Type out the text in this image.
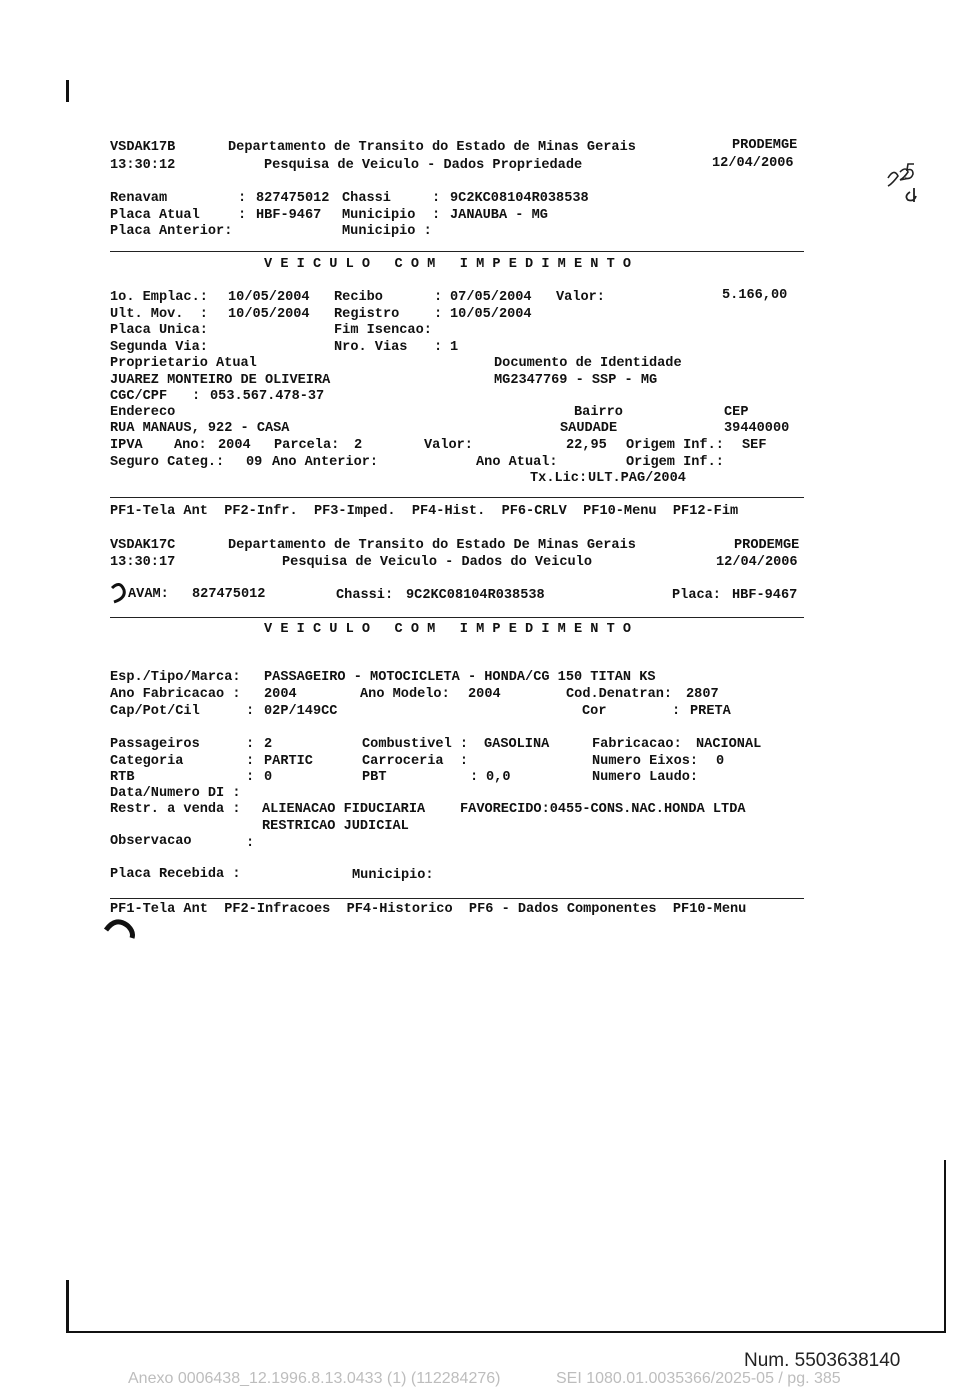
VSDAK17B
13:30:12
Departamento de Transito do Estado de Minas Gerais
Pesquisa de Veiculo - Dados Propriedade
PRODEMGE
12/04/2006
Renavam	: 827475012 Chassi	: 9C2KC08104R038538
Placa Atual	: HBF-9467 Municipio : JANAUBA - MG
Placa Anterior:	Municipio :
V E I C U L O   C O M   I M P E D I M E N T O
1o. Emplac.: 10/05/2004 Recibo	: 07/05/2004 Valor:	5.166,00
Ult. Mov.  : 10/05/2004 Registro	: 10/05/2004
Placa Unica:	Fim Isencao:
Segunda Via:	Nro. Vias : 1
Proprietario Atual	Documento de Identidade
JUAREZ MONTEIRO DE OLIVEIRA	MG2347769 - SSP - MG
CGC/CPF : 053.567.478-37
Endereco	Bairro	CEP
RUA MANAUS, 922 - CASA	SAUDADE	39440000
IPVA Ano: 2004 Parcela: 2	Valor:	22,95 Origem Inf.: SEF
Seguro Categ.: 09 Ano Anterior:	Ano Atual:	Origem Inf.:
Tx.Lic: ULT.PAG/2004
PF1-Tela Ant  PF2-Infr.  PF3-Imped.  PF4-Hist.  PF6-CRLV  PF10-Menu  PF12-Fim
VSDAK17C
13:30:17
Departamento de Transito do Estado De Minas Gerais
Pesquisa de Veiculo - Dados do Veiculo
PRODEMGE
12/04/2006
AVAM: 827475012	Chassi: 9C2KC08104R038538	Placa: HBF-9467
V E I C U L O   C O M   I M P E D I M E N T O
Esp./Tipo/Marca: PASSAGEIRO - MOTOCICLETA - HONDA/CG 150 TITAN KS
Ano Fabricacao : 2004	Ano Modelo: 2004	Cod.Denatran: 2807
Cap/Pot/Cil	: 02P/149CC	Cor	: PRETA
Passageiros	: 2	Combustivel : GASOLINA	Fabricacao: NACIONAL
Categoria	: PARTIC	Carroceria  :	Numero Eixos: 0
RTB	: 0	PBT	: 0,0	Numero Laudo:
Data/Numero DI :
Restr. a venda : ALIENACAO FIDUCIARIA	FAVORECIDO:0455-CONS.NAC.HONDA LTDA
RESTRICAO JUDICIAL
Observacao	:
Placa Recebida :	Municipio:
PF1-Tela Ant  PF2-Infracoes  PF4-Historico  PF6 - Dados Componentes  PF10-Menu
Num. 5503638140
Anexo 0006438_12.1996.8.13.0433 (1) (112284276)	SEI 1080.01.0035366/2025-05 / pg. 385
